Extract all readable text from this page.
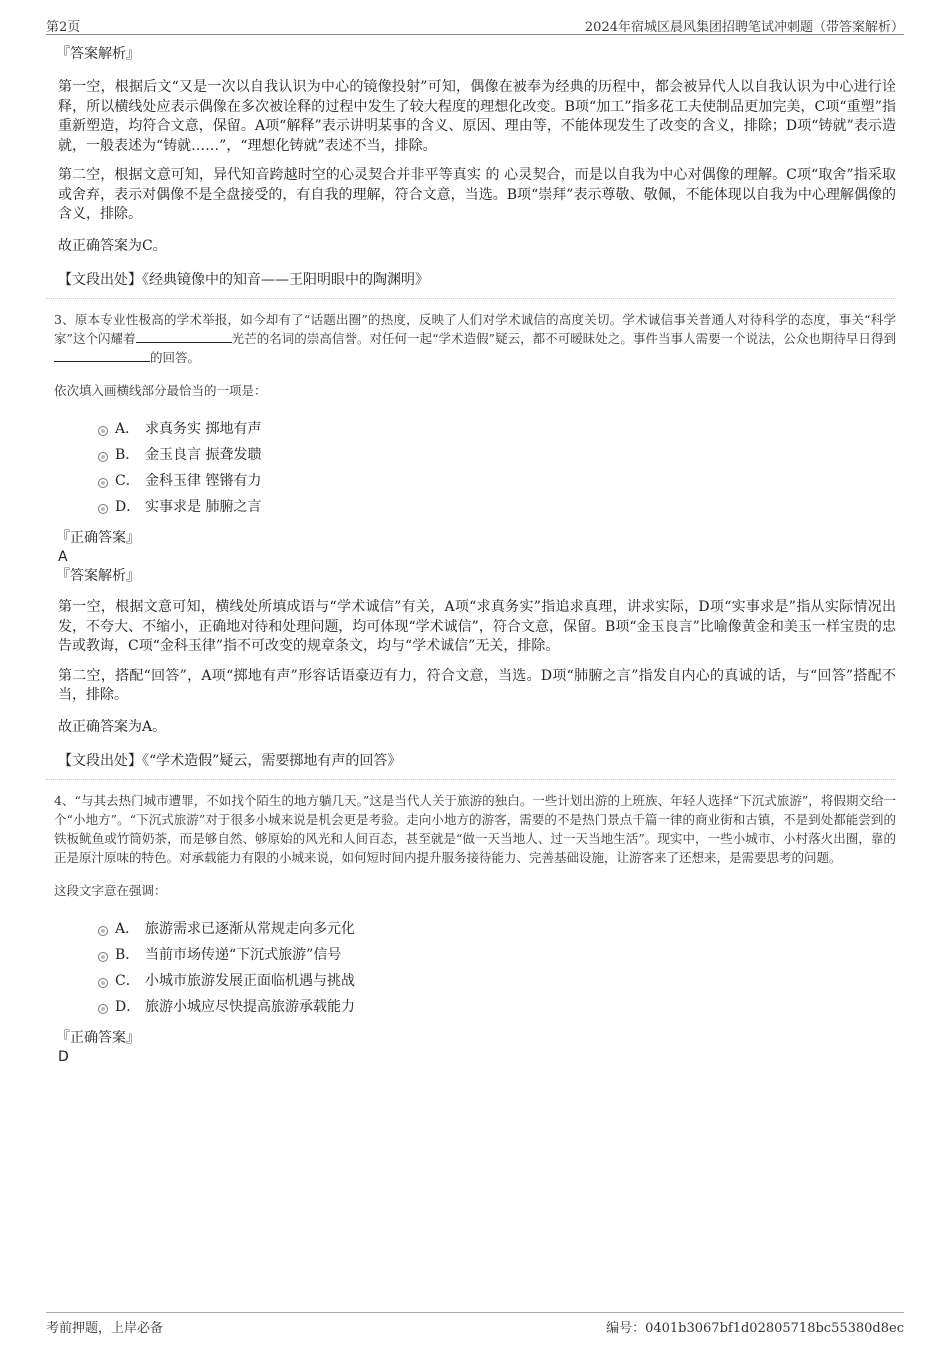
第2页	2024年宿城区晨风集团招聘笔试冲刺题（带答案解析）

『答案解析』

第一空，根据后文“又是一次以自我认识为中心的镜像投射”可知，偶像在被奉为经典的历程中，都会被异代人以自我认识为中心进行诠释，所以横线处应表示偶像在多次被诠释的过程中发生了较大程度的理想化改变。B项“加工”指多花工夫使制品更加完美，C项“重塑”指重新塑造，均符合文意，保留。A项“解释”表示讲明某事的含义、原因、理由等，不能体现发生了改变的含义，排除；D项“铸就”表示造就，一般表述为“铸就……”，“理想化铸就”表述不当，排除。

第二空，根据文意可知，异代知音跨越时空的心灵契合并非平等真实 的 心灵契合，而是以自我为中心对偶像的理解。C项“取舍”指采取或舍弃，表示对偶像不是全盘接受的，有自我的理解，符合文意，当选。B项“崇拜”表示尊敬、敬佩，不能体现以自我为中心理解偶像的含义，排除。

故正确答案为C。

【文段出处】《经典镜像中的知音——王阳明眼中的陶渊明》

3、原本专业性极高的学术举报，如今却有了“话题出圈”的热度，反映了人们对学术诚信的高度关切。学术诚信事关普通人对待科学的态度，事关“科学家”这个闪耀着	光芒的名词的崇高信誉。对任何一起“学术造假”疑云，都不可暧昧处之。事件当事人需要一个说法，公众也期待早日得到的回答。

依次填入画横线部分最恰当的一项是：

A． 求真务实 掷地有声
B． 金玉良言 振聋发聩
C． 金科玉律 铿锵有力
D． 实事求是 肺腑之言

『正确答案』

A

『答案解析』

第一空，根据文意可知，横线处所填成语与“学术诚信”有关，A项“求真务实”指追求真理，讲求实际，D项“实事求是”指从实际情况出发，不夸大、不缩小，正确地对待和处理问题，均可体现“学术诚信”，符合文意，保留。B项“金玉良言”比喻像黄金和美玉一样宝贵的忠告或教诲，C项“金科玉律”指不可改变的规章条文，均与“学术诚信”无关，排除。

第二空，搭配“回答”，A项“掷地有声”形容话语豪迈有力，符合文意，当选。D项“肺腑之言”指发自内心的真诚的话，与“回答”搭配不当，排除。

故正确答案为A。

【文段出处】《“学术造假”疑云，需要掷地有声的回答》

4、“与其去热门城市遭罪，不如找个陌生的地方躺几天。”这是当代人关于旅游的独白。一些计划出游的上班族、年轻人选择“下沉式旅游”，将假期交给一个“小地方”。“下沉式旅游”对于很多小城来说是机会更是考验。走向小地方的游客，需要的不是热门景点千篇一律的商业街和古镇，不是到处都能尝到的铁板鱿鱼或竹筒奶茶，而是够自然、够原始的风光和人间百态，甚至就是“做一天当地人、过一天当地生活”。现实中，一些小城市、小村落火出圈，靠的正是原汁原味的特色。对承载能力有限的小城来说，如何短时间内提升服务接待能力、完善基础设施，让游客来了还想来，是需要思考的问题。

这段文字意在强调：

A． 旅游需求已逐渐从常规走向多元化
B． 当前市场传递“下沉式旅游”信号
C． 小城市旅游发展正面临机遇与挑战
D． 旅游小城应尽快提高旅游承载能力

『正确答案』

D

考前押题，上岸必备	编号：0401b3067bf1d02805718bc55380d8ec
